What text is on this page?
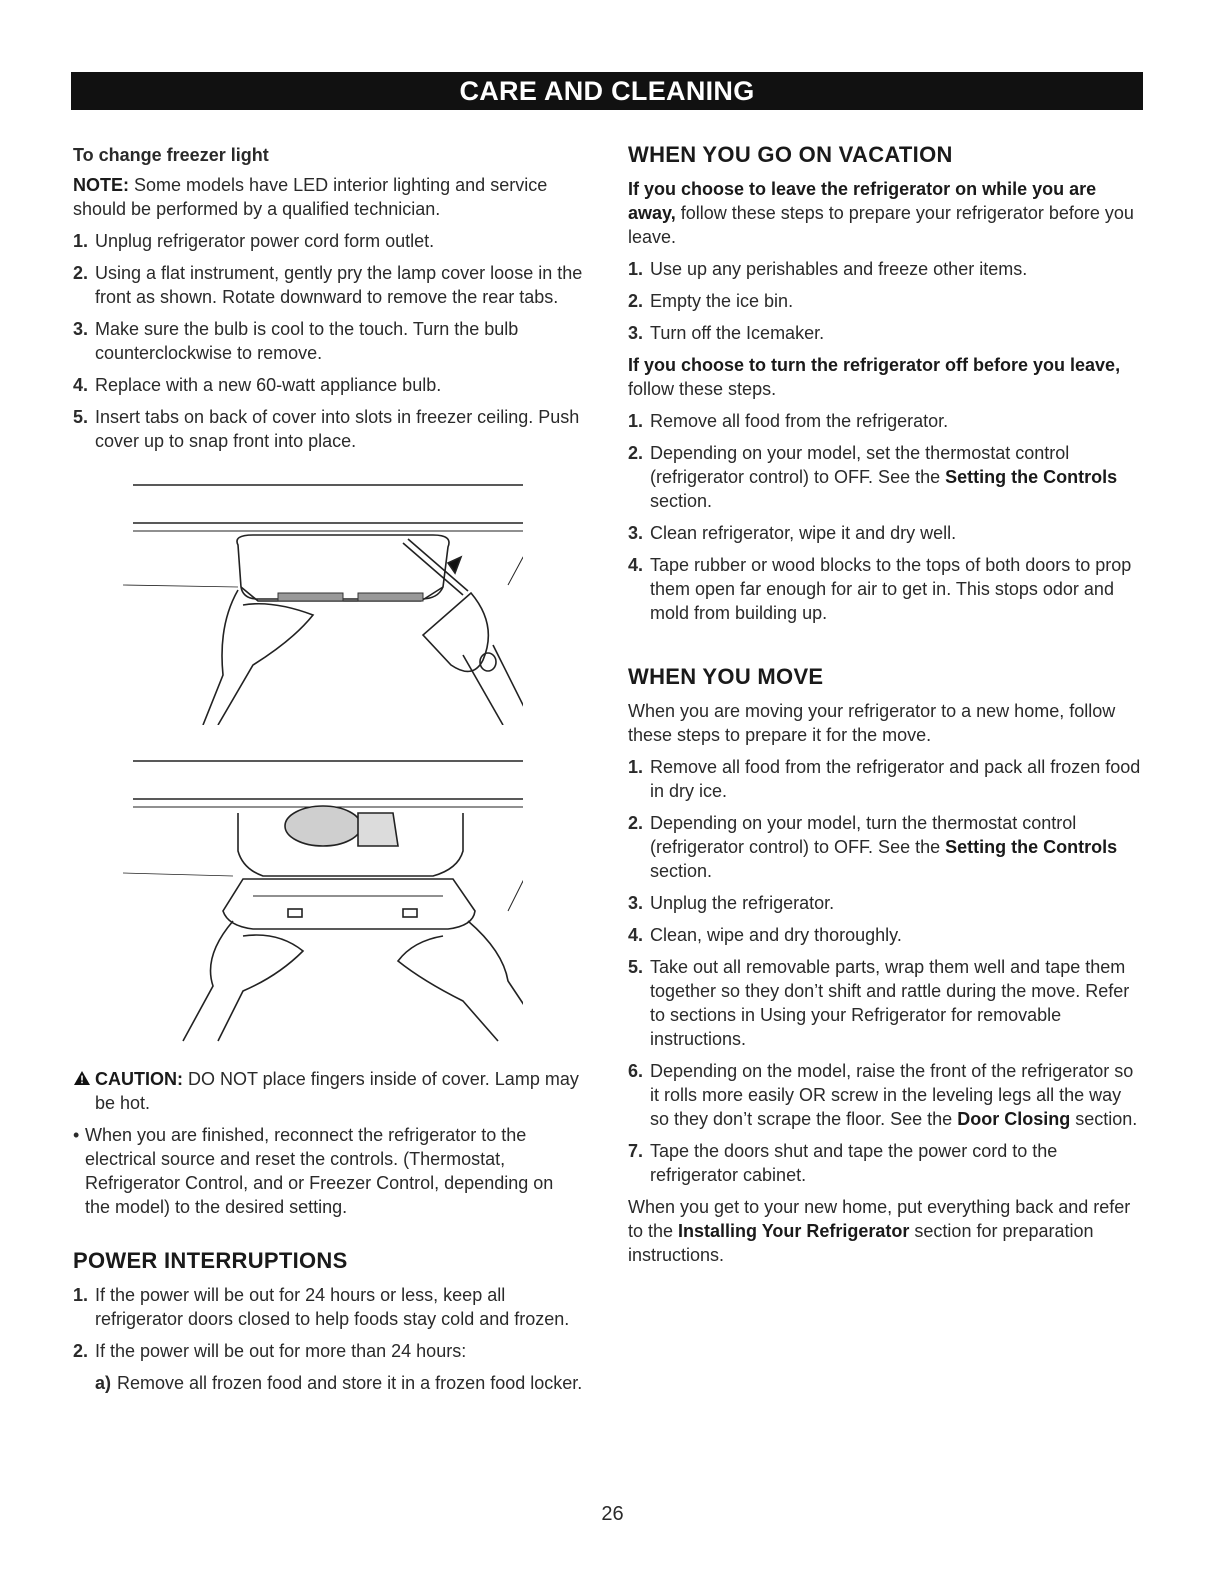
CARE AND CLEANING
To change freezer light

NOTE: Some models have LED interior lighting and service should be performed by a qualified technician.

1. Unplug refrigerator power cord form outlet.
2. Using a flat instrument, gently pry the lamp cover loose in the front as shown. Rotate downward to remove the rear tabs.
3. Make sure the bulb is cool to the touch. Turn the bulb counterclockwise to remove.
4. Replace with a new 60-watt appliance bulb.
5. Insert tabs on back of cover into slots in freezer ceiling. Push cover up to snap front into place.

CAUTION: DO NOT place fingers inside of cover. Lamp may be hot.
• When you are finished, reconnect the refrigerator to the electrical source and reset the controls. (Thermostat, Refrigerator Control, and or Freezer Control, depending on the model) to the desired setting.
POWER INTERRUPTIONS
1. If the power will be out for 24 hours or less, keep all refrigerator doors closed to help foods stay cold and frozen.
2. If the power will be out for more than 24 hours:
a) Remove all frozen food and store it in a frozen food locker.
WHEN YOU GO ON VACATION

If you choose to leave the refrigerator on while you are away, follow these steps to prepare your refrigerator before you leave.

1. Use up any perishables and freeze other items.
2. Empty the ice bin.
3. Turn off the Icemaker.

If you choose to turn the refrigerator off before you leave, follow these steps.

1. Remove all food from the refrigerator.
2. Depending on your model, set the thermostat control (refrigerator control) to OFF. See the Setting the Controls section.
3. Clean refrigerator, wipe it and dry well.
4. Tape rubber or wood blocks to the tops of both doors to prop them open far enough for air to get in. This stops odor and mold from building up.
WHEN YOU MOVE

When you are moving your refrigerator to a new home, follow these steps to prepare it for the move.

1. Remove all food from the refrigerator and pack all frozen food in dry ice.
2. Depending on your model, turn the thermostat control (refrigerator control) to OFF. See the Setting the Controls section.
3. Unplug the refrigerator.
4. Clean, wipe and dry thoroughly.
5. Take out all removable parts, wrap them well and tape them together so they don’t shift and rattle during the move. Refer to sections in Using your Refrigerator for removable instructions.
6. Depending on the model, raise the front of the refrigerator so it rolls more easily OR screw in the leveling legs all the way so they don’t scrape the floor. See the Door Closing section.
7. Tape the doors shut and tape the power cord to the refrigerator cabinet.

When you get to your new home, put everything back and refer to the Installing Your Refrigerator section for preparation instructions.

26
